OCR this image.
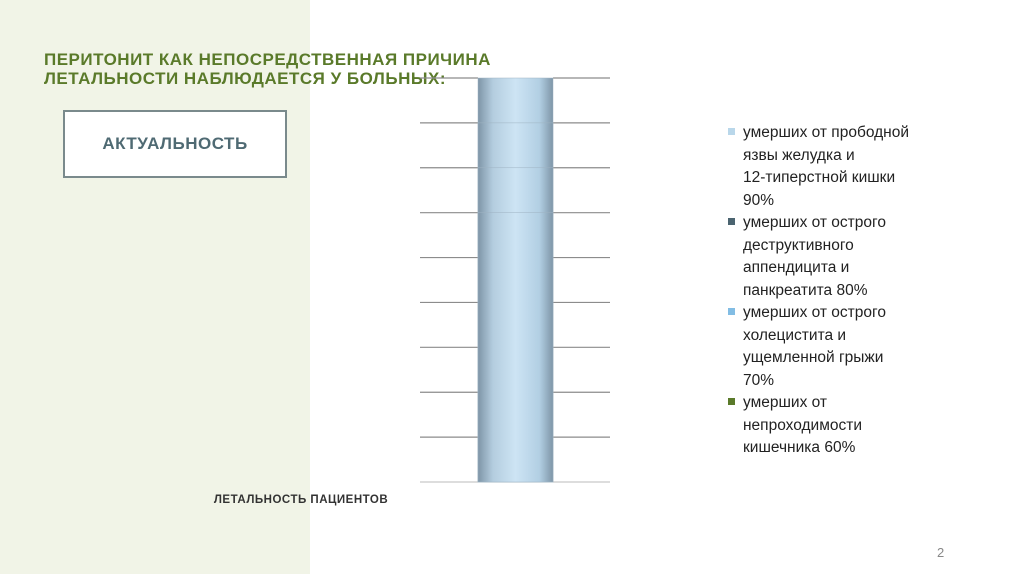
ПЕРИТОНИТ КАК НЕПОСРЕДСТВЕННАЯ ПРИЧИНА
ЛЕТАЛЬНОСТИ НАБЛЮДАЕТСЯ У БОЛЬНЫХ:
АКТУАЛЬНОСТЬ
ЛЕТАЛЬНОСТЬ ПАЦИЕНТОВ
умерших от прободной
язвы желудка и
12-типерстной кишки
90%
умерших от острого
деструктивного
аппендицита и
панкреатита 80%
умерших от острого
холецистита и
ущемленной грыжи
70%
умерших от
непроходимости
кишечника 60%
2
